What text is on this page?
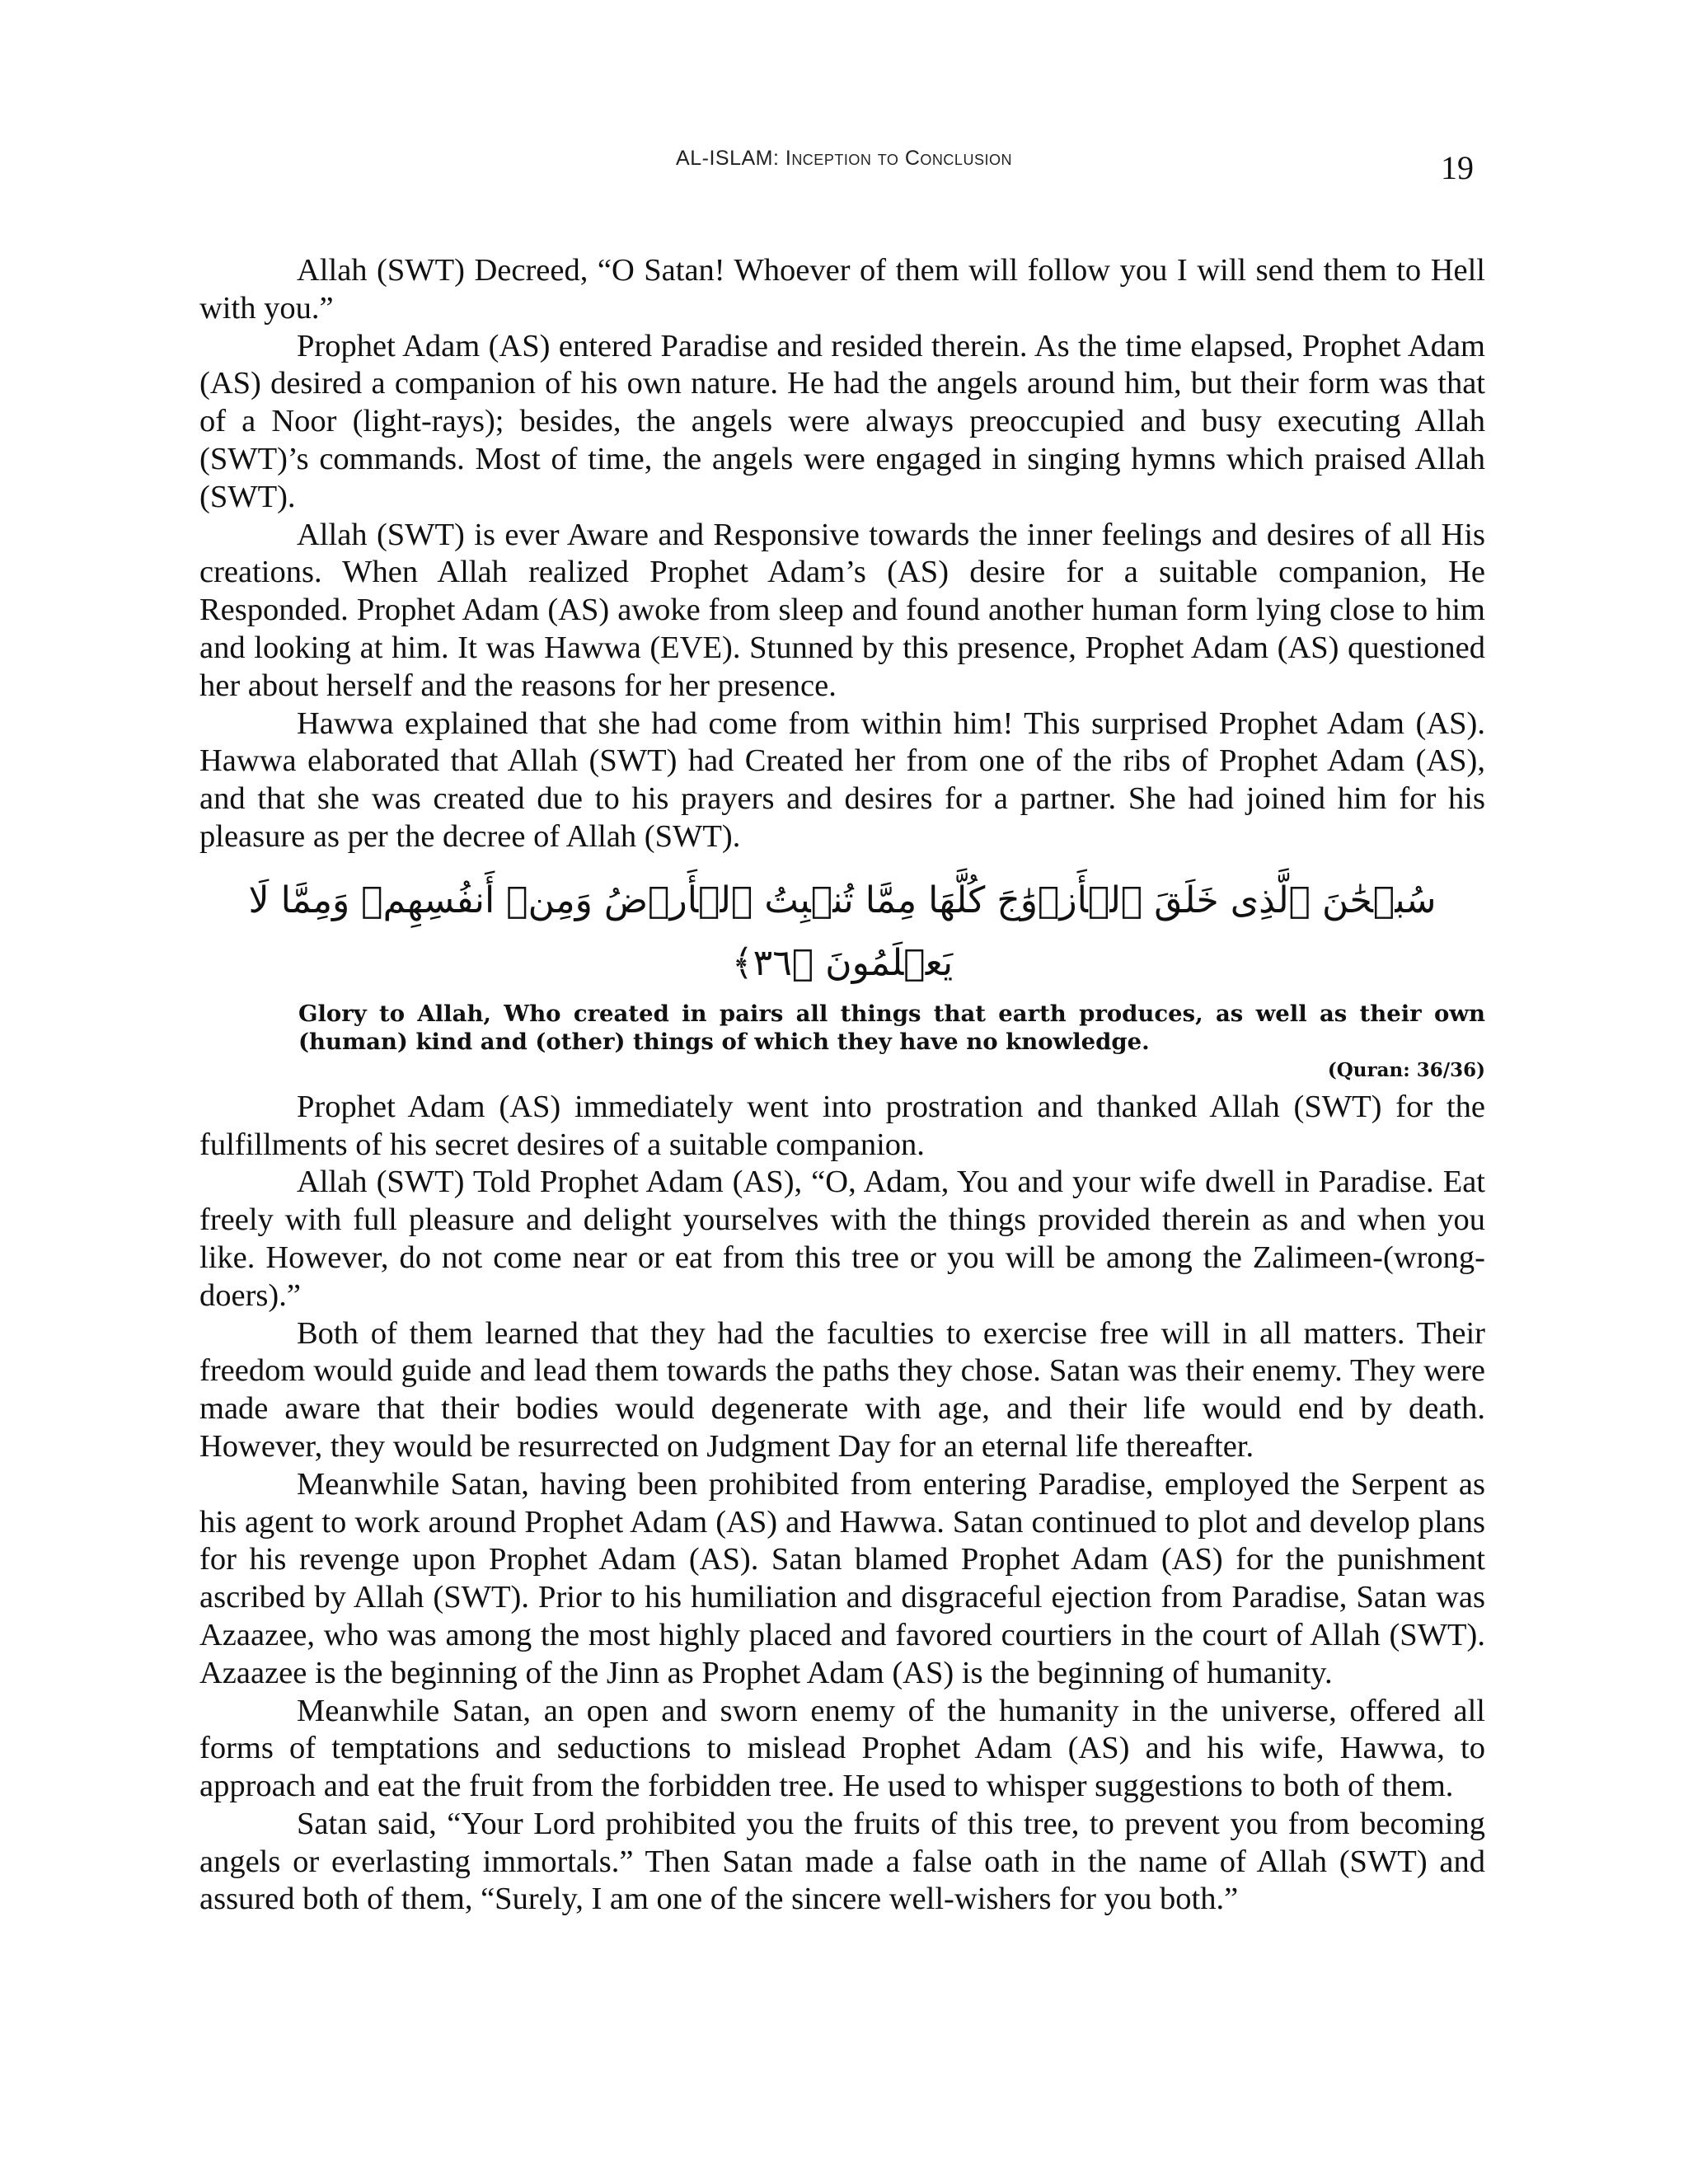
AL-ISLAM: Inception to Conclusion	19

Allah (SWT) Decreed, “O Satan! Whoever of them will follow you I will send them to Hell with you.”

Prophet Adam (AS) entered Paradise and resided therein. As the time elapsed, Prophet Adam (AS) desired a companion of his own nature. He had the angels around him, but their form was that of a Noor (light-rays); besides, the angels were always preoccupied and busy executing Allah (SWT)’s commands. Most of time, the angels were engaged in singing hymns which praised Allah (SWT).

Allah (SWT) is ever Aware and Responsive towards the inner feelings and desires of all His creations. When Allah realized Prophet Adam’s (AS) desire for a suitable companion, He Responded. Prophet Adam (AS) awoke from sleep and found another human form lying close to him and looking at him. It was Hawwa (EVE). Stunned by this presence, Prophet Adam (AS) questioned her about herself and the reasons for her presence.

Hawwa explained that she had come from within him! This surprised Prophet Adam (AS). Hawwa elaborated that Allah (SWT) had Created her from one of the ribs of Prophet Adam (AS), and that she was created due to his prayers and desires for a partner. She had joined him for his pleasure as per the decree of Allah (SWT).

سُبۡحَٰنَ ٱلَّذِى خَلَقَ ٱلۡأَزۡوَٰجَ كُلَّهَا مِمَّا تُنۢبِتُ ٱلۡأَرۡضُ وَمِنۡ أَنفُسِهِمۡ وَمِمَّا لَا يَعۡلَمُونَ ﴿٣٦﴾
Glory to Allah, Who created in pairs all things that earth produces, as well as their own (human) kind and (other) things of which they have no knowledge.
(Quran: 36/36)

Prophet Adam (AS) immediately went into prostration and thanked Allah (SWT) for the fulfillments of his secret desires of a suitable companion.

Allah (SWT) Told Prophet Adam (AS), “O, Adam, You and your wife dwell in Paradise. Eat freely with full pleasure and delight yourselves with the things provided therein as and when you like. However, do not come near or eat from this tree or you will be among the Zalimeen-(wrong-doers).”

Both of them learned that they had the faculties to exercise free will in all matters. Their freedom would guide and lead them towards the paths they chose. Satan was their enemy. They were made aware that their bodies would degenerate with age, and their life would end by death. However, they would be resurrected on Judgment Day for an eternal life thereafter.

Meanwhile Satan, having been prohibited from entering Paradise, employed the Serpent as his agent to work around Prophet Adam (AS) and Hawwa. Satan continued to plot and develop plans for his revenge upon Prophet Adam (AS). Satan blamed Prophet Adam (AS) for the punishment ascribed by Allah (SWT). Prior to his humiliation and disgraceful ejection from Paradise, Satan was Azaazee, who was among the most highly placed and favored courtiers in the court of Allah (SWT). Azaazee is the beginning of the Jinn as Prophet Adam (AS) is the beginning of humanity.

Meanwhile Satan, an open and sworn enemy of the humanity in the universe, offered all forms of temptations and seductions to mislead Prophet Adam (AS) and his wife, Hawwa, to approach and eat the fruit from the forbidden tree. He used to whisper suggestions to both of them.

Satan said, “Your Lord prohibited you the fruits of this tree, to prevent you from becoming angels or everlasting immortals.” Then Satan made a false oath in the name of Allah (SWT) and assured both of them, “Surely, I am one of the sincere well-wishers for you both.”
